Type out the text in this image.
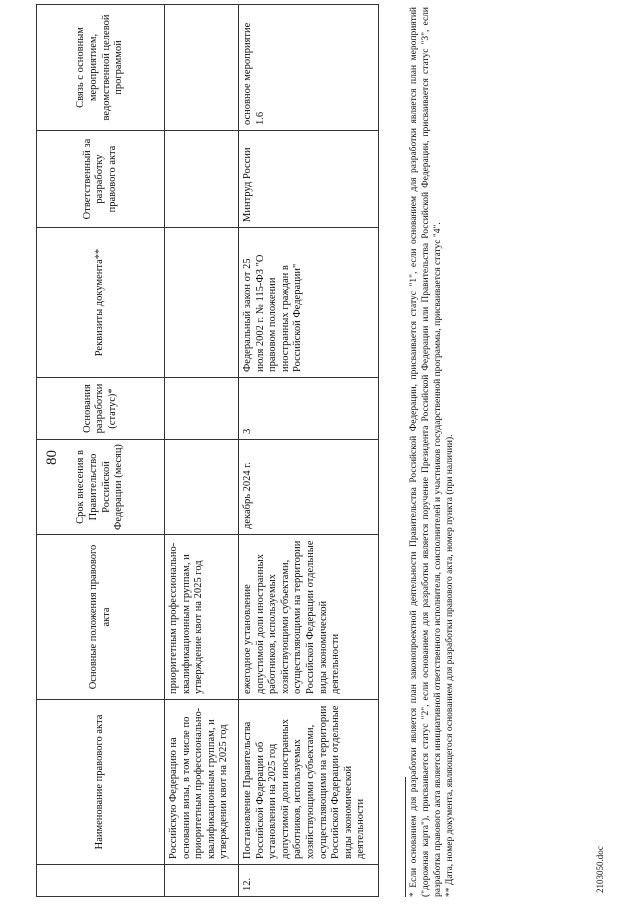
80
	Наименование правового акта	Основные положения правового акта	Срок внесения в Правительство Российской Федерации (месяц)	Основания разработки (статус)*	Реквизиты документа**	Ответственный за разработку правового акта	Связь с основным мероприятием, ведомственной целевой программой
	Российскую Федерацию на основании визы, в том числе по приоритетным профессионально-квалификационным группам, и утверждении квот на 2025 год	приоритетным профессионально-квалификационным группам, и утверждение квот на 2025 год					
12.	Постановление Правительства Российской Федерации об установлении на 2025 год допустимой доли иностранных работников, используемых хозяйствующими субъектами, осуществляющими на территории Российской Федерации отдельные виды экономической деятельности	ежегодное установление допустимой доли иностранных работников, используемых хозяйствующими субъектами, осуществляющими на территории Российской Федерации отдельные виды экономической деятельности	декабрь 2024 г.	3	Федеральный закон от 25 июля 2002 г. № 115-ФЗ "О правовом положении иностранных граждан в Российской Федерации"	Минтруд России	основное мероприятие 1.6	* Если основанием для разработки является план законопроектной деятельности Правительства Российской Федерации, присваивается статус "1", если основанием для разработки является план мероприятий ("дорожная карта"), присваивается статус "2", если основанием для разработки является поручение Президента Российской Федерации или Правительства Российской Федерации, присваивается статус "3", если разработка правового акта является инициативной ответственного исполнителя, соисполнителей и участников государственной программы, присваивается статус "4". ** Дата, номер документа, являющегося основанием для разработки правового акта, номер пункта (при наличии).	2103050.doc
